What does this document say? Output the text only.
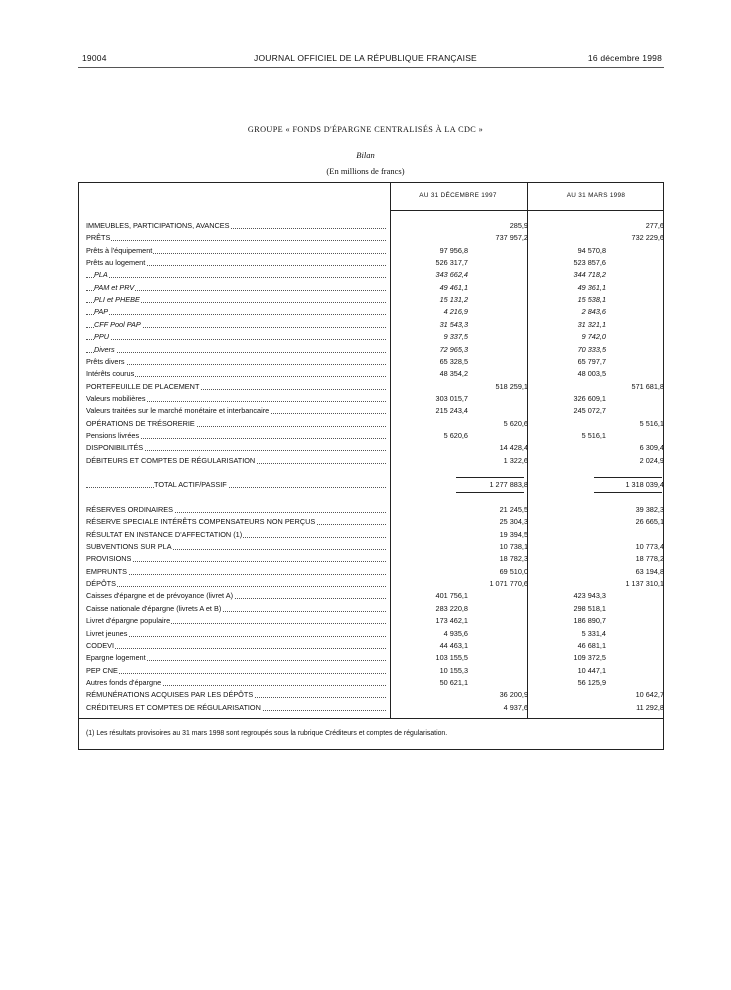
19004	JOURNAL OFFICIEL DE LA RÉPUBLIQUE FRANÇAISE	16 décembre 1998
GROUPE « FONDS D'ÉPARGNE CENTRALISÉS À LA CDC »
Bilan
(En millions de francs)
AU 31 DÉCEMBRE 1997	AU 31 MARS 1998
IMMEUBLES, PARTICIPATIONS, AVANCES	285,9	277,6
PRÊTS	737 957,2	732 229,6
Prêts à l'équipement	97 956,8	94 570,8
Prêts au logement	526 317,7	523 857,6
PLA	343 662,4	344 718,2
PAM et PRV	49 461,1	49 361,1
PLI et PHEBE	15 131,2	15 538,1
PAP	4 216,9	2 843,6
CFF Pool PAP	31 543,3	31 321,1
PPU	9 337,5	9 742,0
Divers	72 965,3	70 333,5
Prêts divers	65 328,5	65 797,7
Intérêts courus	48 354,2	48 003,5
PORTEFEUILLE DE PLACEMENT	518 259,1	571 681,8
Valeurs mobilières	303 015,7	326 609,1
Valeurs traitées sur le marché monétaire et interbancaire	215 243,4	245 072,7
OPÉRATIONS DE TRÉSORERIE	5 620,6	5 516,1
Pensions livrées	5 620,6	5 516,1
DISPONIBILITÉS	14 428,4	6 309,4
DÉBITEURS ET COMPTES DE RÉGULARISATION	1 322,6	2 024,9
TOTAL ACTIF/PASSIF	1 277 883,8	1 318 039,4
RÉSERVES ORDINAIRES	21 245,5	39 382,3
RÉSERVE SPECIALE INTÉRÊTS COMPENSATEURS NON PERÇUS	25 304,3	26 665,1
RÉSULTAT EN INSTANCE D'AFFECTATION (1)	19 394,5
SUBVENTIONS SUR PLA	10 738,1	10 773,4
PROVISIONS	18 782,3	18 778,2
EMPRUNTS	69 510,0	63 194,8
DÉPÔTS	1 071 770,6	1 137 310,1
Caisses d'épargne et de prévoyance (livret A)	401 756,1	423 943,3
Caisse nationale d'épargne (livrets A et B)	283 220,8	298 518,1
Livret d'épargne populaire	173 462,1	186 890,7
Livret jeunes	4 935,6	5 331,4
CODEVI	44 463,1	46 681,1
Epargne logement	103 155,5	109 372,5
PEP CNE	10 155,3	10 447,1
Autres fonds d'épargne	50 621,1	56 125,9
RÉMUNÉRATIONS ACQUISES PAR LES DÉPÔTS	36 200,9	10 642,7
CRÉDITEURS ET COMPTES DE RÉGULARISATION	4 937,6	11 292,8
(1) Les résultats provisoires au 31 mars 1998 sont regroupés sous la rubrique Créditeurs et comptes de régularisation.
